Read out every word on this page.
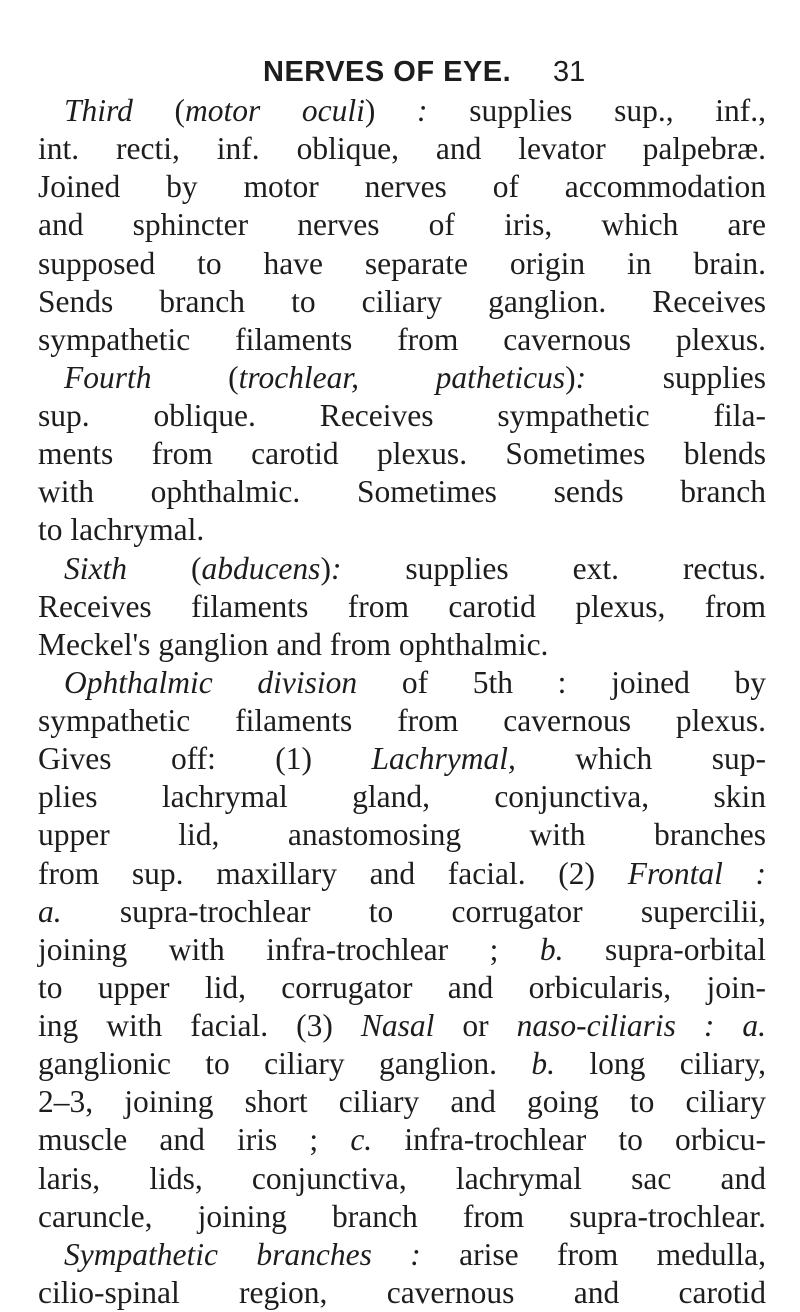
NERVES OF EYE. 31
Third (motor oculi) : supplies sup., inf.,
int. recti, inf. oblique, and levator palpebræ.
Joined by motor nerves of accommodation
and sphincter nerves of iris, which are
supposed to have separate origin in brain.
Sends branch to ciliary ganglion. Receives
sympathetic filaments from cavernous plexus.
Fourth (trochlear, patheticus): supplies
sup. oblique. Receives sympathetic fila-
ments from carotid plexus. Sometimes blends
with ophthalmic. Sometimes sends branch
to lachrymal.
Sixth (abducens): supplies ext. rectus.
Receives filaments from carotid plexus, from
Meckel's ganglion and from ophthalmic.
Ophthalmic division of 5th : joined by
sympathetic filaments from cavernous plexus.
Gives off: (1) Lachrymal, which sup-
plies lachrymal gland, conjunctiva, skin
upper lid, anastomosing with branches
from sup. maxillary and facial. (2) Frontal :
a. supra-trochlear to corrugator supercilii,
joining with infra-trochlear ; b. supra-orbital
to upper lid, corrugator and orbicularis, join-
ing with facial. (3) Nasal or naso-ciliaris : a.
ganglionic to ciliary ganglion. b. long ciliary,
2–3, joining short ciliary and going to ciliary
muscle and iris ; c. infra-trochlear to orbicu-
laris, lids, conjunctiva, lachrymal sac and
caruncle, joining branch from supra-trochlear.
Sympathetic branches : arise from medulla,
cilio-spinal region, cavernous and carotid
